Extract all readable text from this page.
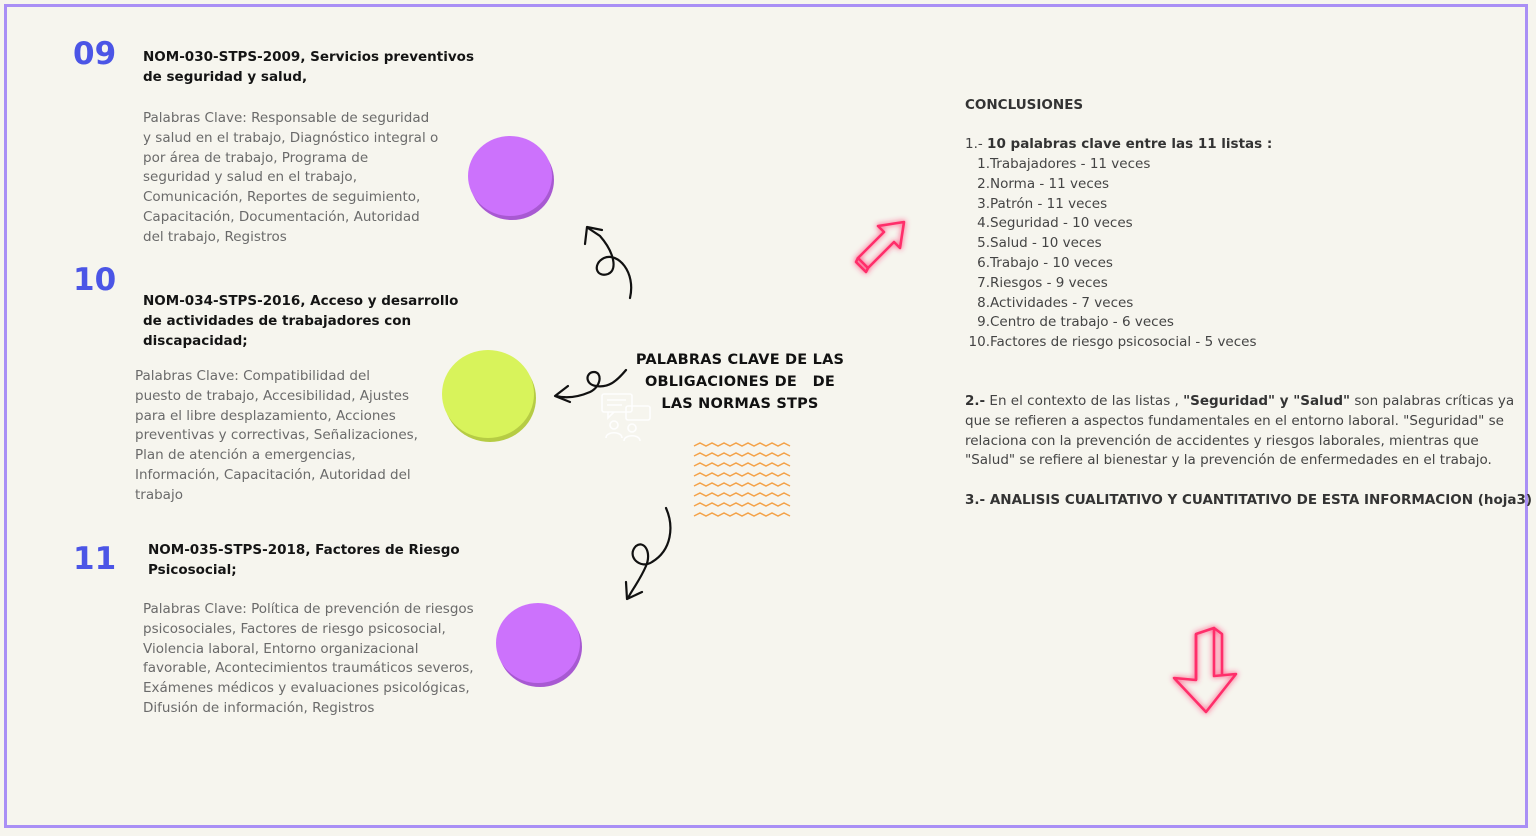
09 NOM-030-STPS-2009, Servicios preventivos
de seguridad y salud,
Palabras Clave: Responsable de seguridad
y salud en el trabajo, Diagnóstico integral o
por área de trabajo, Programa de
seguridad y salud en el trabajo,
Comunicación, Reportes de seguimiento,
Capacitación, Documentación, Autoridad
del trabajo, Registros
10
NOM-034-STPS-2016, Acceso y desarrollo
de actividades de trabajadores con
discapacidad;
Palabras Clave: Compatibilidad del
puesto de trabajo, Accesibilidad, Ajustes
para el libre desplazamiento, Acciones
preventivas y correctivas, Señalizaciones,
Plan de atención a emergencias,
Información, Capacitación, Autoridad del
trabajo
11 NOM-035-STPS-2018, Factores de Riesgo
Psicosocial;
Palabras Clave: Política de prevención de riesgos
psicosociales, Factores de riesgo psicosocial,
Violencia laboral, Entorno organizacional
favorable, Acontecimientos traumáticos severos,
Exámenes médicos y evaluaciones psicológicas,
Difusión de información, Registros
PALABRAS CLAVE DE LAS
OBLIGACIONES DE   DE
LAS NORMAS STPS
CONCLUSIONES
1.- 10 palabras clave entre las 11 listas :
1. Trabajadores - 11 veces
2. Norma - 11 veces
3. Patrón - 11 veces
4. Seguridad - 10 veces
5. Salud - 10 veces
6. Trabajo - 10 veces
7. Riesgos - 9 veces
8. Actividades - 7 veces
9. Centro de trabajo - 6 veces
10. Factores de riesgo psicosocial - 5 veces
2.- En el contexto de las listas , "Seguridad" y "Salud" son palabras críticas ya
que se refieren a aspectos fundamentales en el entorno laboral. "Seguridad" se
relaciona con la prevención de accidentes y riesgos laborales, mientras que
"Salud" se refiere al bienestar y la prevención de enfermedades en el trabajo.
3.- ANALISIS CUALITATIVO Y CUANTITATIVO DE ESTA INFORMACION (hoja3)
